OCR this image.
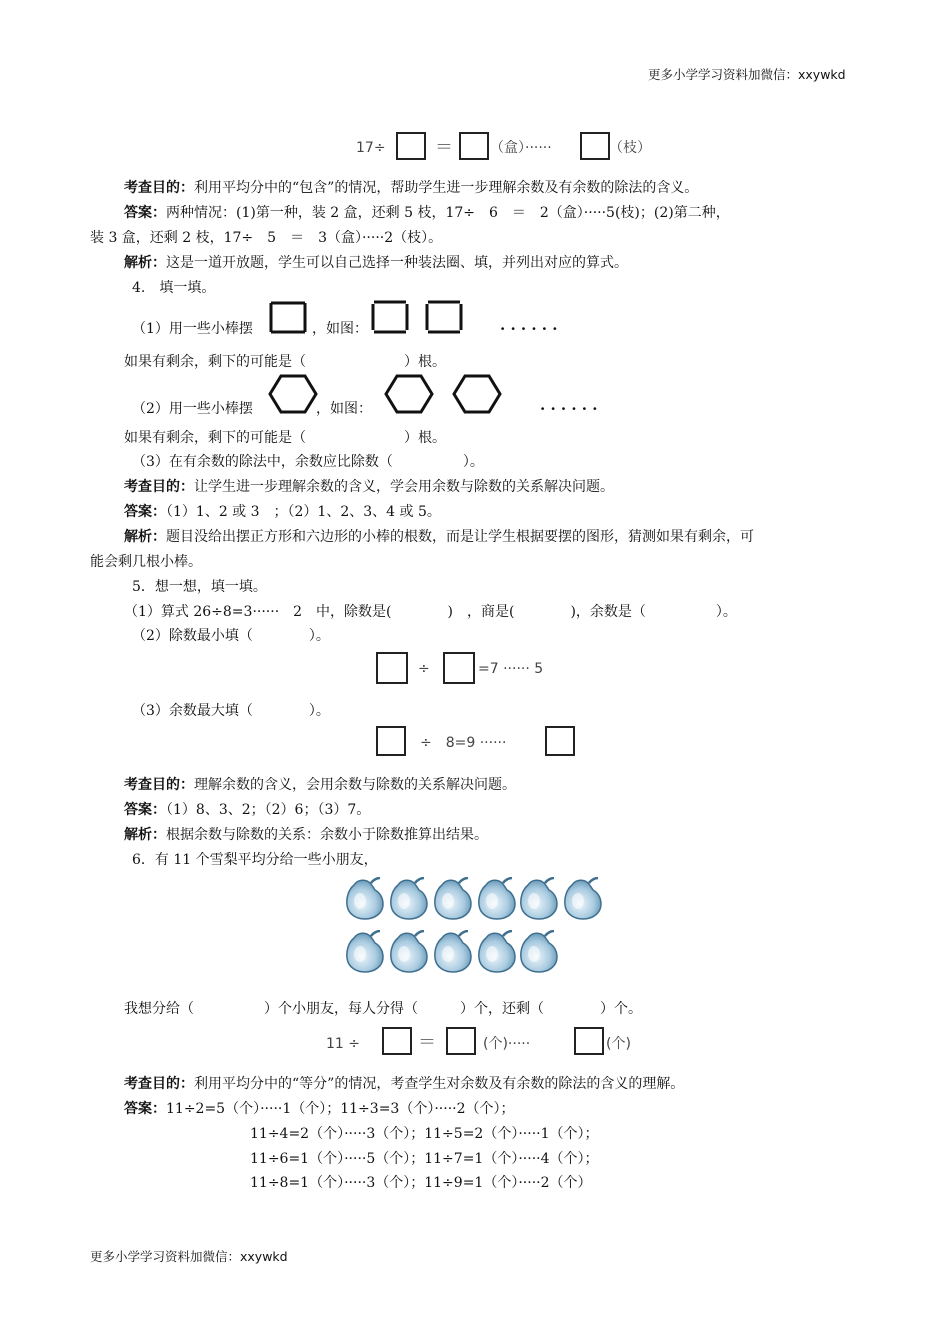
更多小学学习资料加微信：xxywkd
17÷	＝	（盒）······	（枝）
考查目的：利用平均分中的“包含”的情况，帮助学生进一步理解余数及有余数的除法的含义。
答案：两种情况：(1)第一种，装 2 盒，还剩 5 枝，17÷　6　＝　2（盒）·····5(枝)；(2)第二种，
装 3 盒，还剩 2 枝，17÷　5　＝　3（盒）·····2（枝）。
解析：这是一道开放题，学生可以自己选择一种装法圈、填，并列出对应的算式。
4.　填一填。
（1）用一些小棒摆	，如图：	· · · · · ·
如果有剩余，剩下的可能是（　　　　　　　）根。
（2）用一些小棒摆	，如图：	· · · · · ·
如果有剩余，剩下的可能是（　　　　　　　）根。
（3）在有余数的除法中，余数应比除数（　　　　　）。
考查目的：让学生进一步理解余数的含义，学会用余数与除数的关系解决问题。
答案：（1）1、2 或 3　；（2）1、2、3、4 或 5。
解析：题目没给出摆正方形和六边形的小棒的根数，而是让学生根据要摆的图形，猜测如果有剩余，可
能会剩几根小棒。
5．想一想，填一填。
（1）算式 26÷8=3······　2　中，除数是(　　　　)　，商是(　　　　)，余数是（　　　　　）。
（2）除数最小填（　　　　）。
÷	=7 ······ 5
（3）余数最大填（　　　　）。
÷　8=9 ······
考查目的：理解余数的含义，会用余数与除数的关系解决问题。
答案：（1）8、3、2；（2）6；（3）7。
解析：根据余数与除数的关系：余数小于除数推算出结果。
6．有 11 个雪梨平均分给一些小朋友，
我想分给（　　　　　）个小朋友，每人分得（　　　）个，还剩（　　　　）个。
11 ÷	＝	(个)·····	(个)
考查目的：利用平均分中的“等分”的情况，考查学生对余数及有余数的除法的含义的理解。
答案：11÷2=5（个）·····1（个）；11÷3=3（个）·····2（个）；
11÷4=2（个）·····3（个）；11÷5=2（个）·····1（个）；
11÷6=1（个）·····5（个）；11÷7=1（个）·····4（个）；
11÷8=1（个）·····3（个）；11÷9=1（个）·····2（个）
更多小学学习资料加微信：xxywkd
